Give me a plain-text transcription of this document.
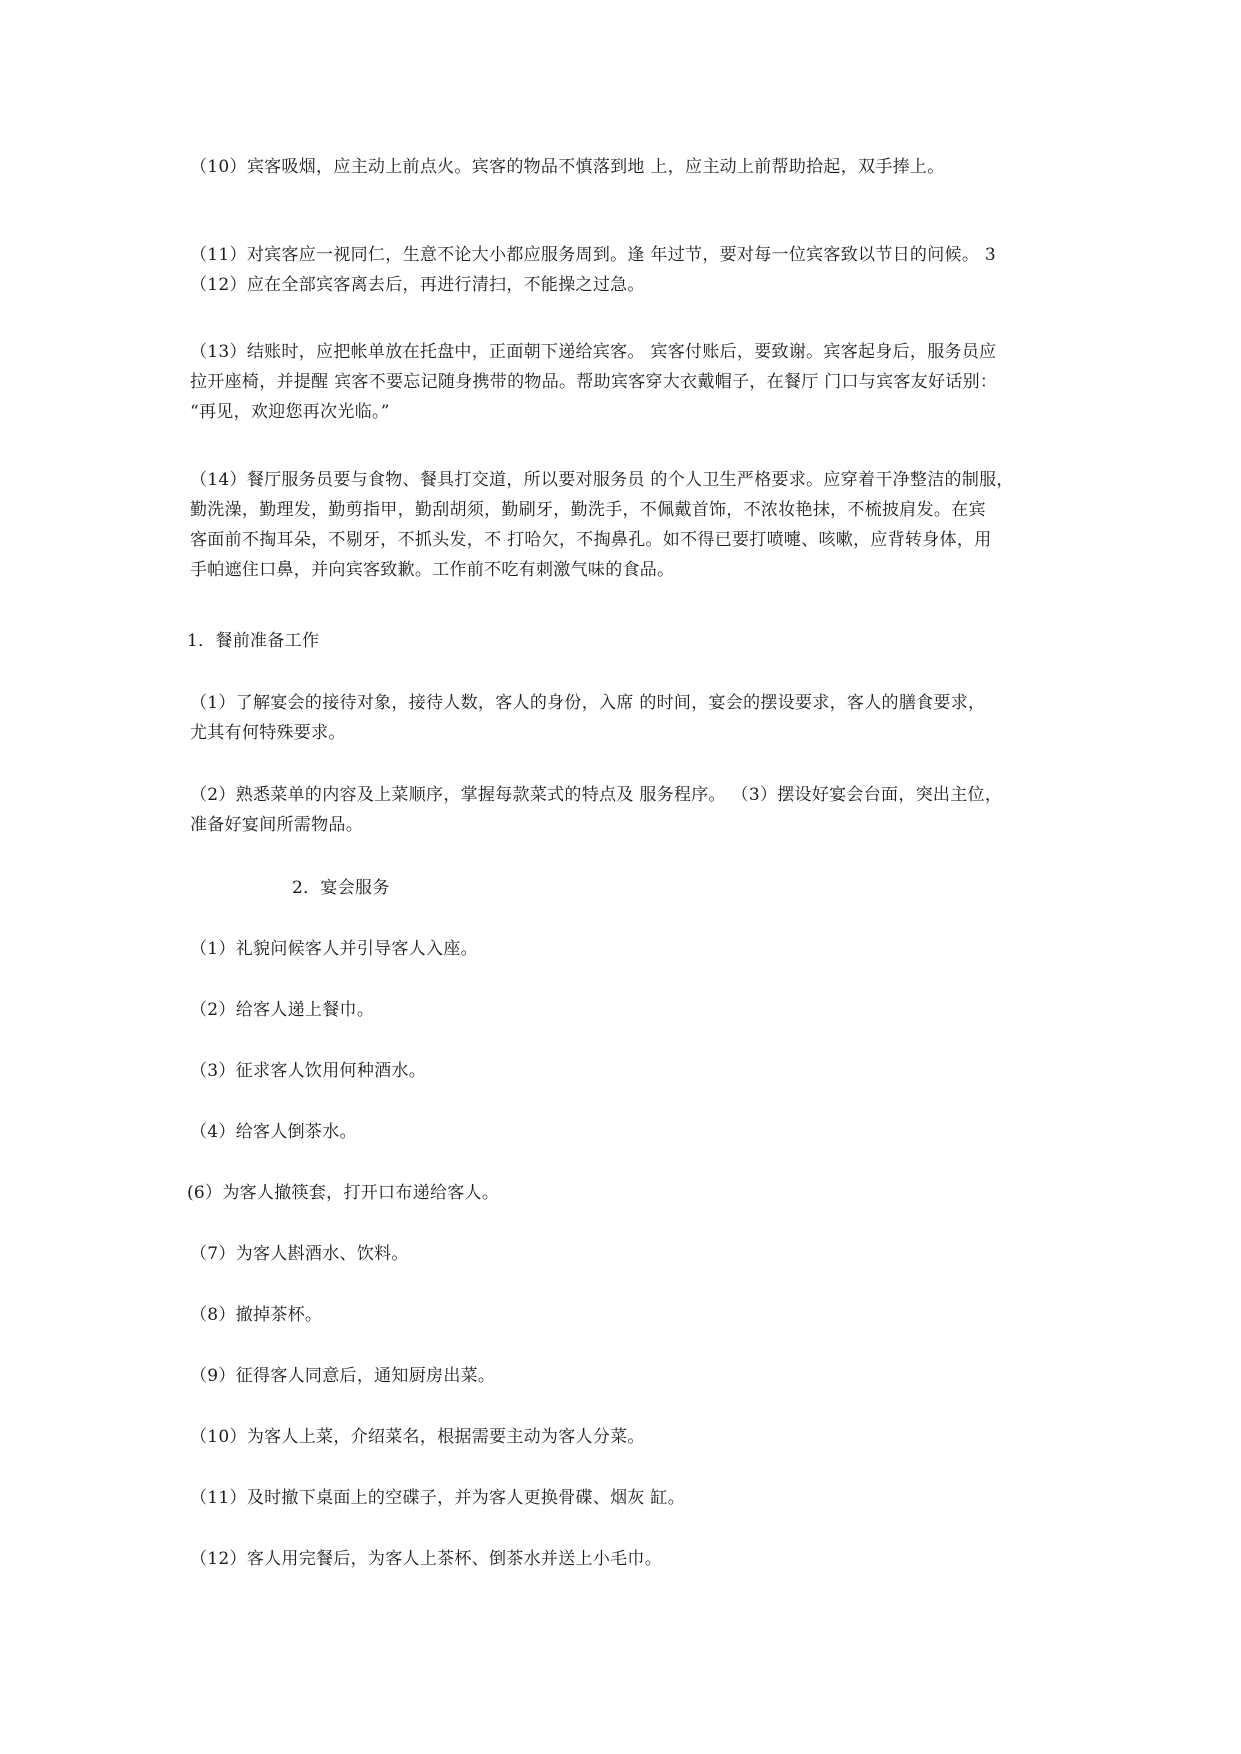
（10）宾客吸烟，应主动上前点火。宾客的物品不慎落到地 上，应主动上前帮助拾起，双手捧上。

（11）对宾客应一视同仁，生意不论大小都应服务周到。逢 年过节，要对每一位宾客致以节日的问候。 3
（12）应在全部宾客离去后，再进行清扫，不能操之过急。

（13）结账时，应把帐单放在托盘中，正面朝下递给宾客。 宾客付账后，要致谢。宾客起身后，服务员应
拉开座椅，并提醒 宾客不要忘记随身携带的物品。帮助宾客穿大衣戴帽子，在餐厅 门口与宾客友好话别：
“再见，欢迎您再次光临。”

（14）餐厅服务员要与食物、餐具打交道，所以要对服务员 的个人卫生严格要求。应穿着干净整洁的制服，
勤洗澡，勤理发，勤剪指甲，勤刮胡须，勤刷牙，勤洗手，不佩戴首饰，不浓妆艳抹，不梳披肩发。在宾
客面前不掏耳朵，不剔牙，不抓头发，不 打哈欠，不掏鼻孔。如不得已要打喷嚏、咳嗽，应背转身体，用
手帕遮住口鼻，并向宾客致歉。工作前不吃有刺激气味的食品。

1．餐前准备工作

（1）了解宴会的接待对象，接待人数，客人的身份，入席 的时间，宴会的摆设要求，客人的膳食要求，
尤其有何特殊要求。

（2）熟悉菜单的内容及上菜顺序，掌握每款菜式的特点及 服务程序。 （3）摆设好宴会台面，突出主位，
准备好宴间所需物品。

2．宴会服务

（1）礼貌问候客人并引导客人入座。

（2）给客人递上餐巾。

（3）征求客人饮用何种酒水。

（4）给客人倒茶水。

(6）为客人撤筷套，打开口布递给客人。

（7）为客人斟酒水、饮料。

（8）撤掉茶杯。

（9）征得客人同意后，通知厨房出菜。

（10）为客人上菜，介绍菜名，根据需要主动为客人分菜。

（11）及时撤下桌面上的空碟子，并为客人更换骨碟、烟灰 缸。

（12）客人用完餐后，为客人上茶杯、倒茶水并送上小毛巾。
